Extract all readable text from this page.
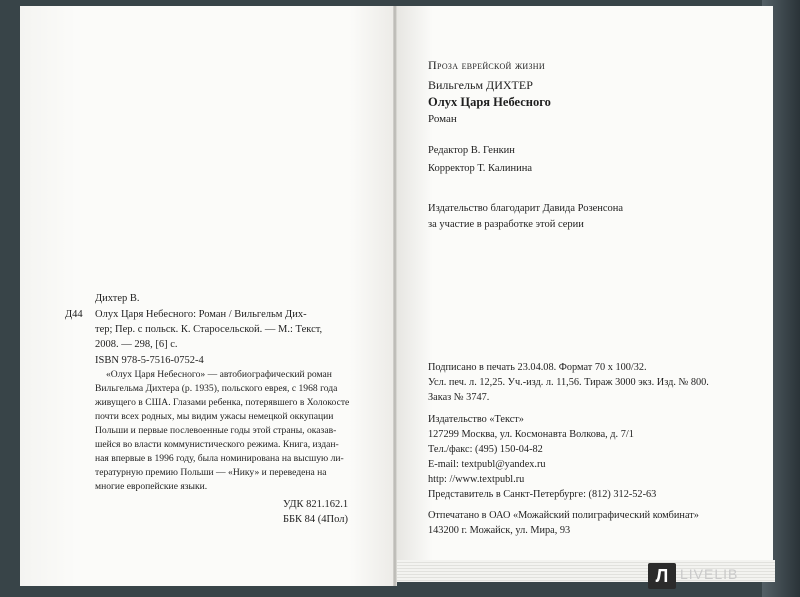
Дихтер В.
Д44 Олух Царя Небесного: Роман / Вильгельм Дих-
тер; Пер. с польск. К. Старосельской. — М.: Текст,
2008. — 298, [6] с.
ISBN 978-5-7516-0752-4
«Олух Царя Небесного» — автобиографический роман
Вильгельма Дихтера (р. 1935), польского еврея, с 1968 года
живущего в США. Глазами ребенка, потерявшего в Холокосте
почти всех родных, мы видим ужасы немецкой оккупации
Польши и первые послевоенные годы этой страны, оказав-
шейся во власти коммунистического режима. Книга, издан-
ная впервые в 1996 году, была номинирована на высшую ли-
тературную премию Польши — «Нику» и переведена на
многие европейские языки.
УДК 821.162.1
ББК 84 (4Пол)
Проза еврейской жизни
Вильгельм ДИХТЕР
Олух Царя Небесного
Роман
Редактор В. Генкин
Корректор Т. Калинина
Издательство благодарит Давида Розенсона
за участие в разработке этой серии
Подписано в печать 23.04.08. Формат 70 x 100/32.
Усл. печ. л. 12,25. Уч.-изд. л. 11,56. Тираж 3000 экз. Изд. № 800.
Заказ № 3747.
Издательство «Текст»
127299 Москва, ул. Космонавта Волкова, д. 7/1
Тел./факс: (495) 150-04-82
E-mail: textpubl@yandex.ru
http: //www.textpubl.ru
Представитель в Санкт-Петербурге: (812) 312-52-63
Отпечатано в ОАО «Можайский полиграфический комбинат»
143200 г. Можайск, ул. Мира, 93
Л LIVELIB
